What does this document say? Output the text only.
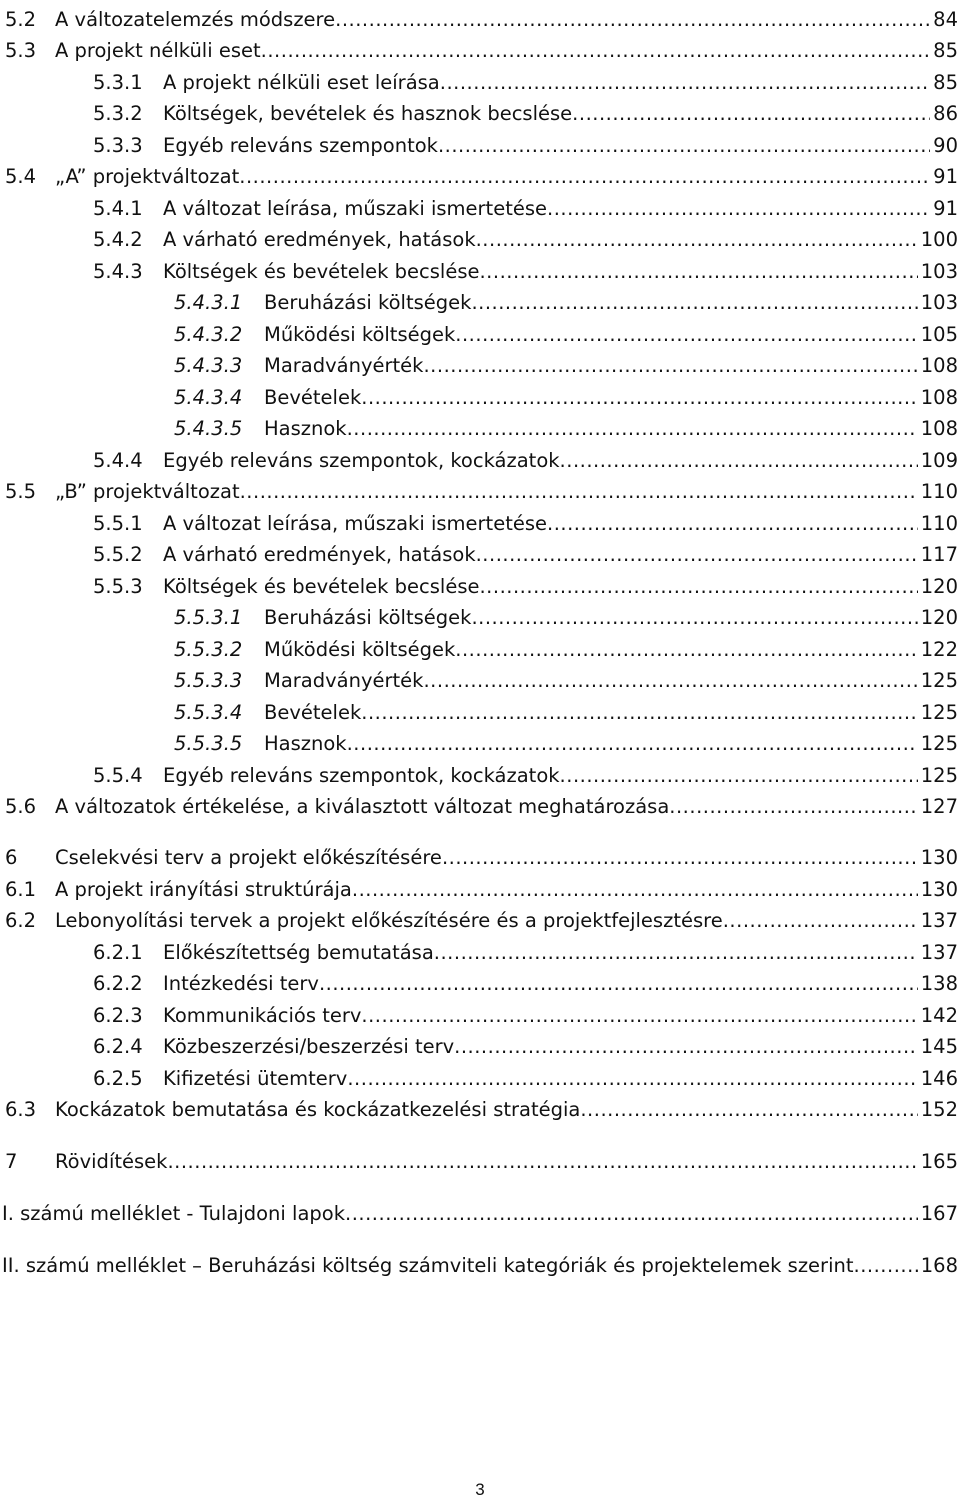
5.2 A változatelemzés módszere .....	84
5.3 A projekt nélküli eset .....	85
5.3.1	A projekt nélküli eset leírása .....	85
5.3.2	Költségek, bevételek és hasznok becslése .....	86
5.3.3	Egyéb releváns szempontok .....	90
5.4 „A” projektváltozat .....	91
5.4.1	A változat leírása, műszaki ismertetése .....	91
5.4.2	A várható eredmények, hatások .....	100
5.4.3	Költségek és bevételek becslése .....	103
5.4.3.1	Beruházási költségek .....	103
5.4.3.2	Működési költségek .....	105
5.4.3.3	Maradványérték .....	108
5.4.3.4	Bevételek .....	108
5.4.3.5	Hasznok .....	108
5.4.4	Egyéb releváns szempontok, kockázatok .....	109
5.5 „B” projektváltozat .....	110
5.5.1	A változat leírása, műszaki ismertetése .....	110
5.5.2	A várható eredmények, hatások .....	117
5.5.3	Költségek és bevételek becslése .....	120
5.5.3.1	Beruházási költségek .....	120
5.5.3.2	Működési költségek .....	122
5.5.3.3	Maradványérték .....	125
5.5.3.4	Bevételek .....	125
5.5.3.5	Hasznok .....	125
5.5.4	Egyéb releváns szempontok, kockázatok .....	125
5.6 A változatok értékelése, a kiválasztott változat meghatározása .....	127
6	Cselekvési terv a projekt előkészítésére .....	130
6.1 A projekt irányítási struktúrája .....	130
6.2 Lebonyolítási tervek a projekt előkészítésére és a projektfejlesztésre .....	137
6.2.1	Előkészítettség bemutatása .....	137
6.2.2	Intézkedési terv .....	138
6.2.3	Kommunikációs terv .....	142
6.2.4	Közbeszerzési/beszerzési terv .....	145
6.2.5	Kifizetési ütemterv .....	146
6.3 Kockázatok bemutatása és kockázatkezelési stratégia .....	152
7	Rövidítések .....	165
I. számú melléklet - Tulajdoni lapok .....	167
II. számú melléklet – Beruházási költség számviteli kategóriák és projektelemek szerint .....	168
3
